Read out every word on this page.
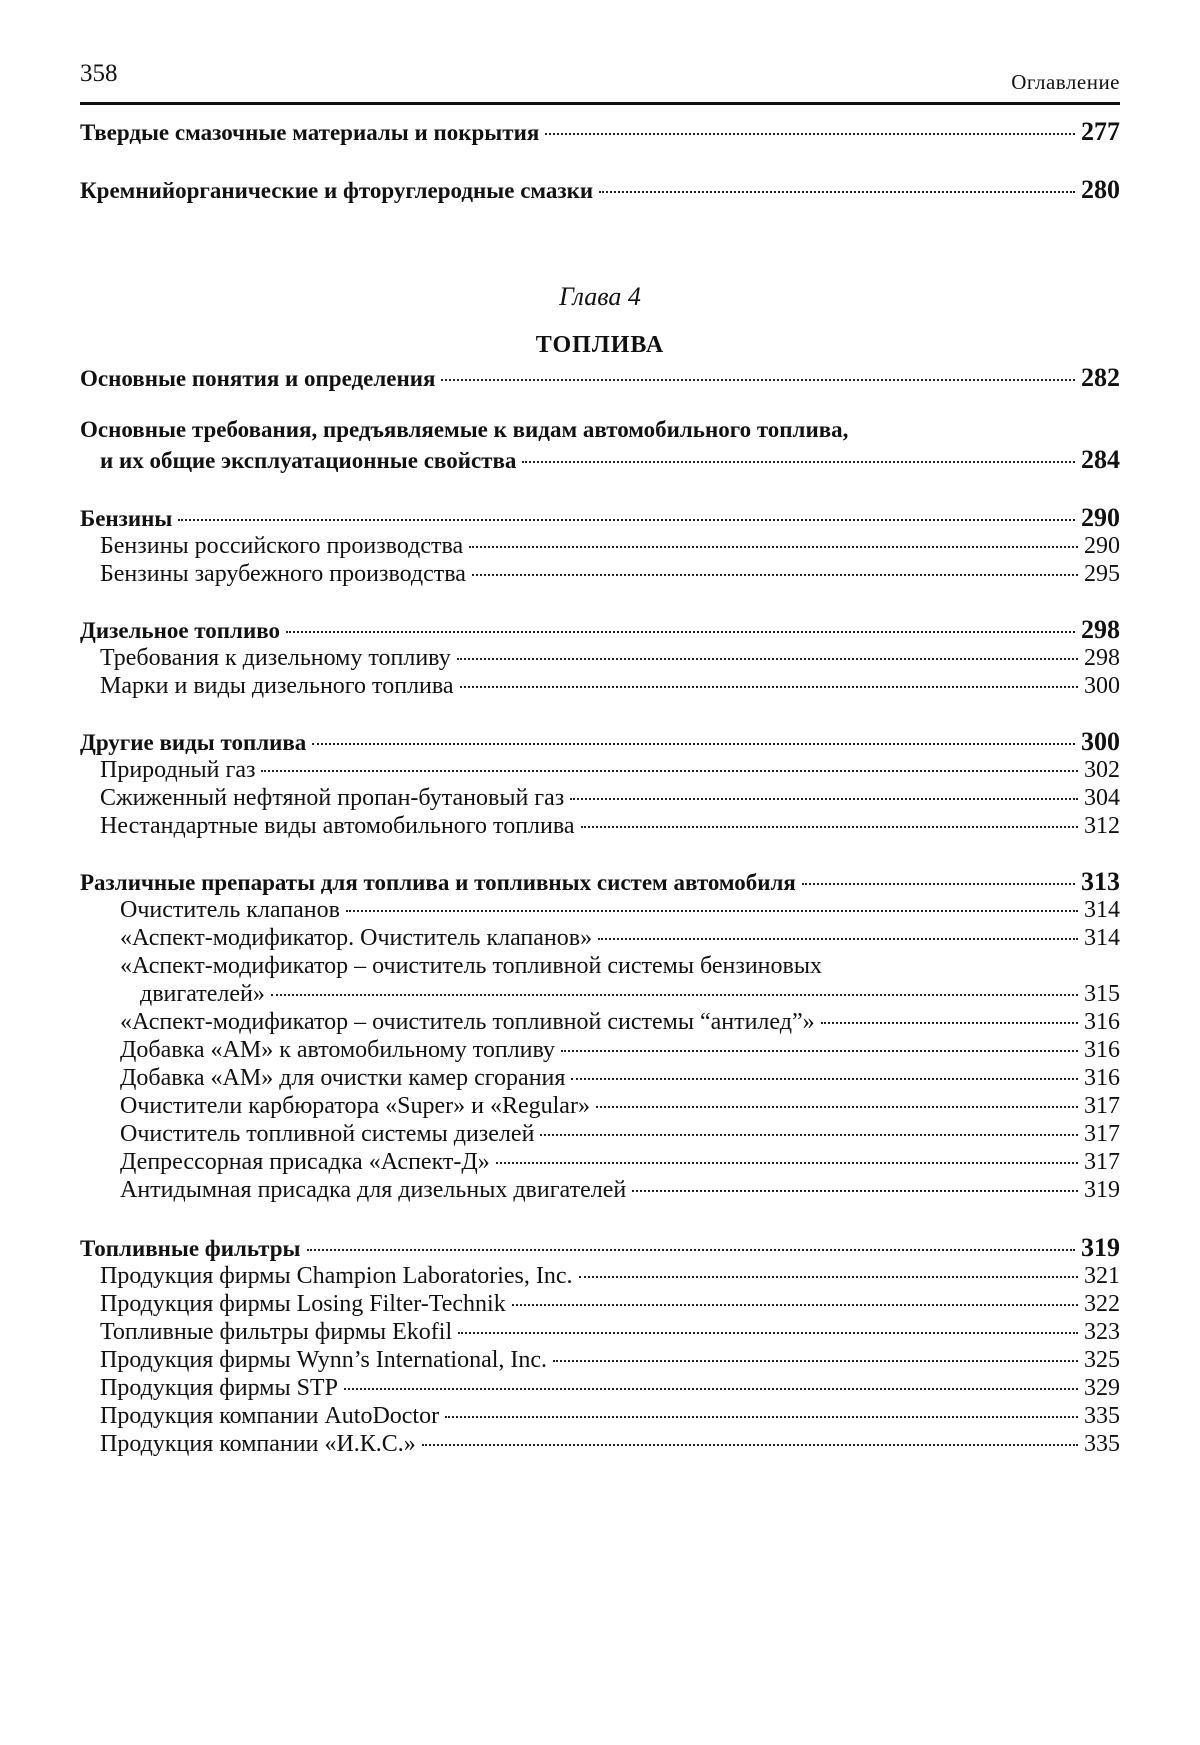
358	Оглавление
Твердые смазочные материалы и покрытия	277
Кремнийорганические и фторуглеродные смазки	280
Глава 4
ТОПЛИВА
Основные понятия и определения	282
Основные требования, предъявляемые к видам автомобильного топлива,
и их общие эксплуатационные свойства	284
Бензины	290
Бензины российского производства	290
Бензины зарубежного производства	295
Дизельное топливо	298
Требования к дизельному топливу	298
Марки и виды дизельного топлива	300
Другие виды топлива	300
Природный газ	302
Сжиженный нефтяной пропан-бутановый газ	304
Нестандартные виды автомобильного топлива	312
Различные препараты для топлива и топливных систем автомобиля	313
Очиститель клапанов	314
«Аспект-модификатор. Очиститель клапанов»	314
«Аспект-модификатор – очиститель топливной системы бензиновых
двигателей»	315
«Аспект-модификатор – очиститель топливной системы “антилед”»	316
Добавка «АМ» к автомобильному топливу	316
Добавка «АМ» для очистки камер сгорания	316
Очистители карбюратора «Super» и «Regular»	317
Очиститель топливной системы дизелей	317
Депрессорная присадка «Аспект-Д»	317
Антидымная присадка для дизельных двигателей	319
Топливные фильтры	319
Продукция фирмы Champion Laboratories, Inc.	321
Продукция фирмы Losing Filter-Technik	322
Топливные фильтры фирмы Ekofil	323
Продукция фирмы Wynn’s International, Inc.	325
Продукция фирмы STP	329
Продукция компании AutoDoctor	335
Продукция компании «И.К.С.»	335
